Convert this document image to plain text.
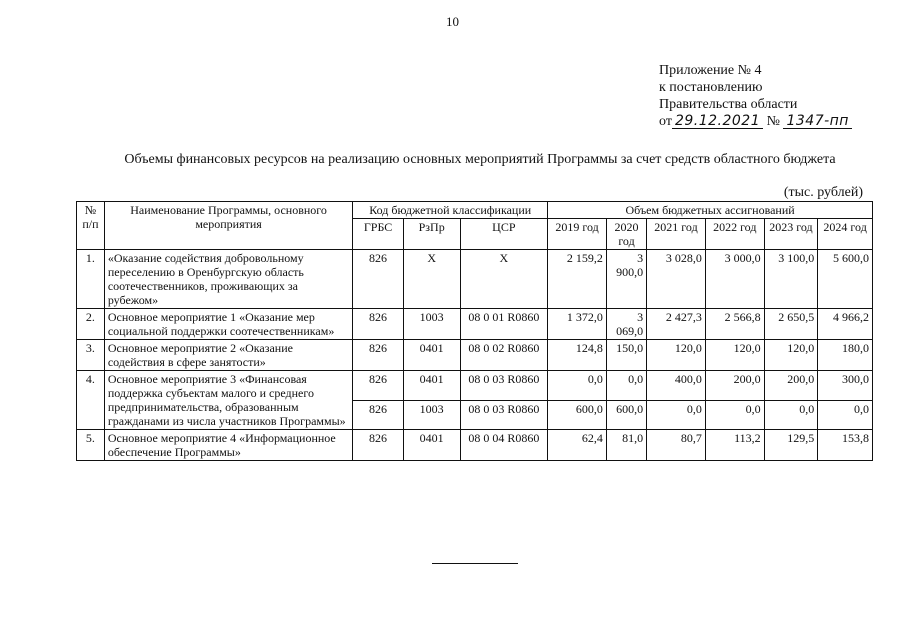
10
Приложение № 4
к постановлению
Правительства области
от 29.12.2021 № 1347-пп
Объемы финансовых ресурсов на реализацию основных мероприятий Программы за счет средств областного бюджета
(тыс. рублей)
№ п/п	Наименование Программы, основного мероприятия	Код бюджетной классификации			Объем бюджетных ассигнований					
		ГРБС	РзПр	ЦСР	2019 год	2020 год	2021 год	2022 год	2023 год	2024 год
1.	«Оказание содействия добровольному переселению в Оренбургскую область соотечественников, проживающих за рубежом»	826	Х	Х	2 159,2	3 900,0	3 028,0	3 000,0	3 100,0	5 600,0
2.	Основное мероприятие 1 «Оказание мер социальной поддержки соотечественникам»	826	1003	08 0 01 R0860	1 372,0	3 069,0	2 427,3	2 566,8	2 650,5	4 966,2
3.	Основное мероприятие 2 «Оказание содействия в сфере занятости»	826	0401	08 0 02 R0860	124,8	150,0	120,0	120,0	120,0	180,0
4.	Основное мероприятие 3 «Финансовая поддержка субъектам малого и среднего предпринимательства, образованным гражданами из числа участников Программы»	826	0401	08 0 03 R0860	0,0	0,0	400,0	200,0	200,0	300,0
		826	1003	08 0 03 R0860	600,0	600,0	0,0	0,0	0,0	0,0
5.	Основное мероприятие 4 «Информационное обеспечение Программы»	826	0401	08 0 04 R0860	62,4	81,0	80,7	113,2	129,5	153,8
